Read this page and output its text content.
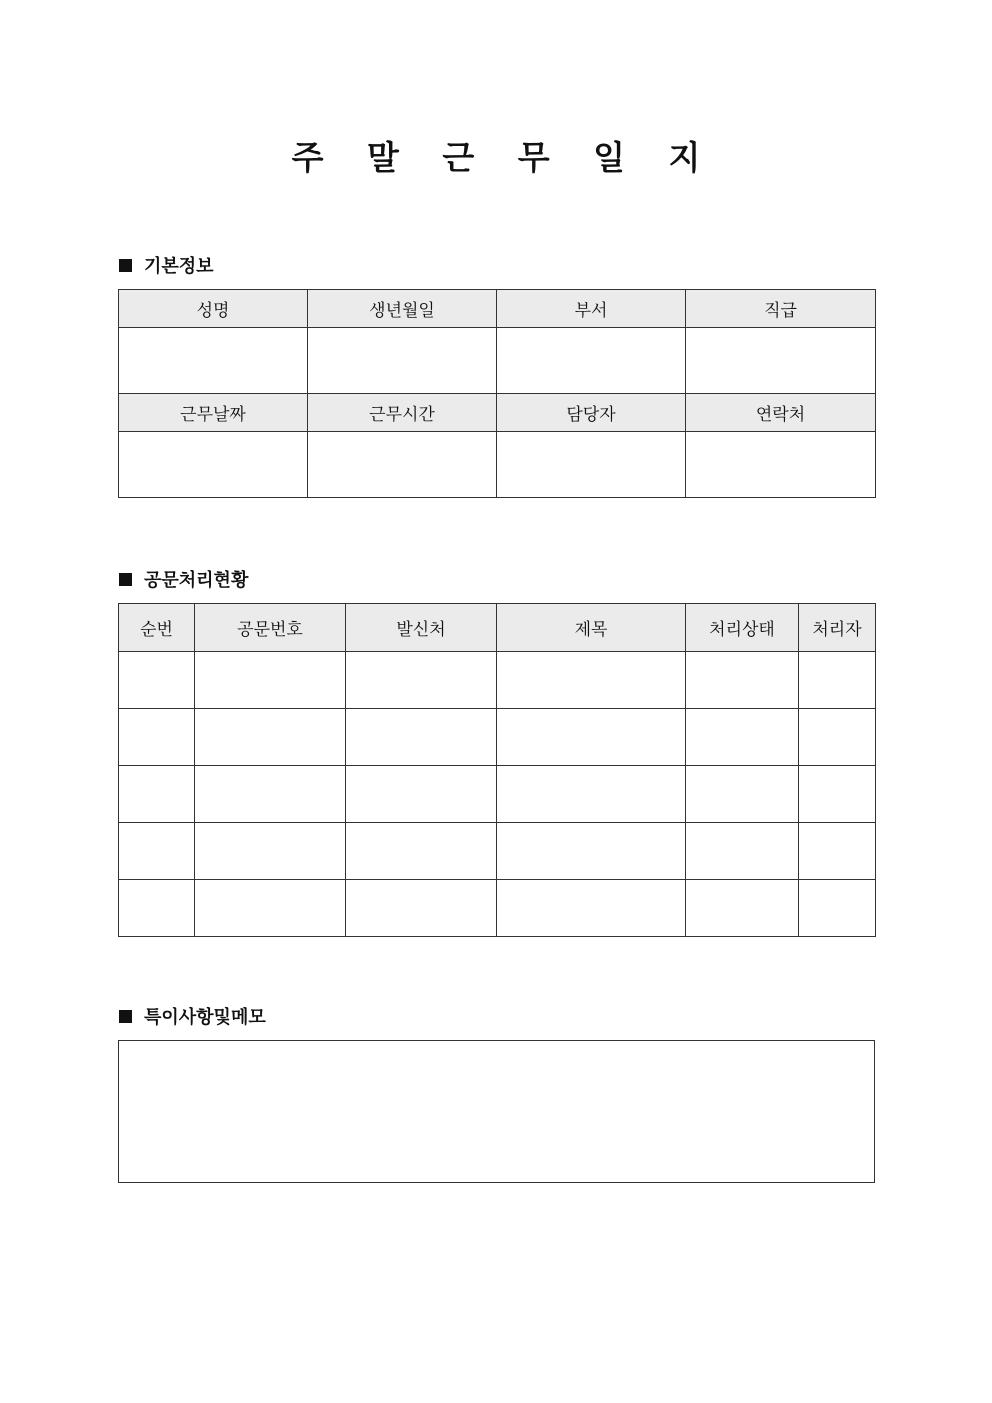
주 말 근 무 일 지
기본정보
성명	생년월일	부서	직급

근무날짜	근무시간	담당자	연락처

공문처리현황
순번	공문번호	발신처	제목	처리상태	처리자

특이사항및메모
